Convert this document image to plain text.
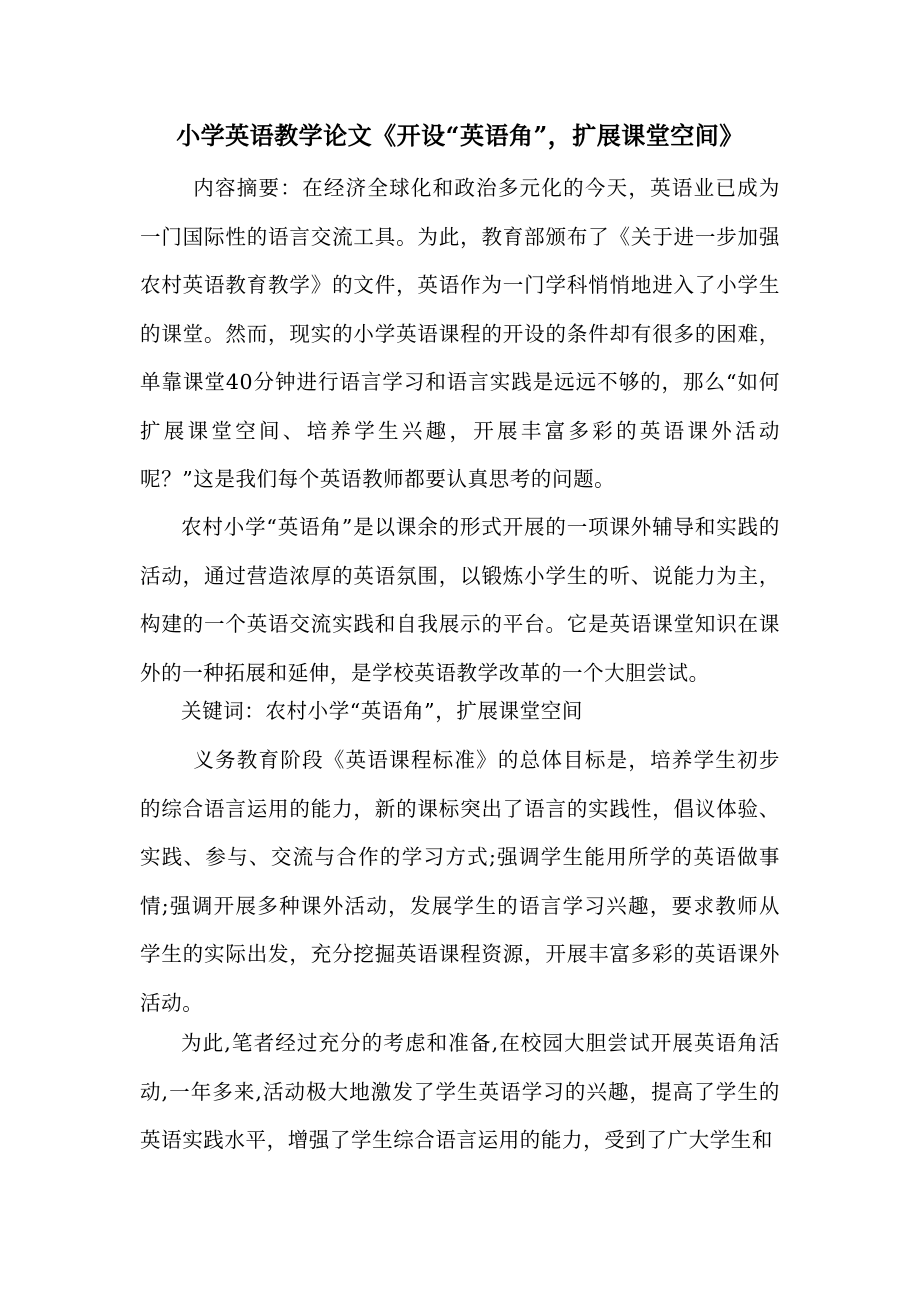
小学英语教学论文《开设“英语角”，扩展课堂空间》

内容摘要：在经济全球化和政治多元化的今天，英语业已成为一门国际性的语言交流工具。为此，教育部颁布了《关于进一步加强农村英语教育教学》的文件，英语作为一门学科悄悄地进入了小学生的课堂。然而，现实的小学英语课程的开设的条件却有很多的困难，单靠课堂40分钟进行语言学习和语言实践是远远不够的，那么“如何扩展课堂空间、培养学生兴趣，开展丰富多彩的英语课外活动呢？”这是我们每个英语教师都要认真思考的问题。

农村小学“英语角”是以课余的形式开展的一项课外辅导和实践的活动，通过营造浓厚的英语氛围，以锻炼小学生的听、说能力为主，构建的一个英语交流实践和自我展示的平台。它是英语课堂知识在课外的一种拓展和延伸，是学校英语教学改革的一个大胆尝试。

关键词：农村小学“英语角”，扩展课堂空间

义务教育阶段《英语课程标准》的总体目标是，培养学生初步的综合语言运用的能力，新的课标突出了语言的实践性，倡议体验、实践、参与、交流与合作的学习方式;强调学生能用所学的英语做事情;强调开展多种课外活动，发展学生的语言学习兴趣，要求教师从学生的实际出发，充分挖掘英语课程资源，开展丰富多彩的英语课外活动。

为此,笔者经过充分的考虑和准备,在校园大胆尝试开展英语角活动,一年多来,活动极大地激发了学生英语学习的兴趣，提高了学生的英语实践水平，增强了学生综合语言运用的能力，受到了广大学生和
